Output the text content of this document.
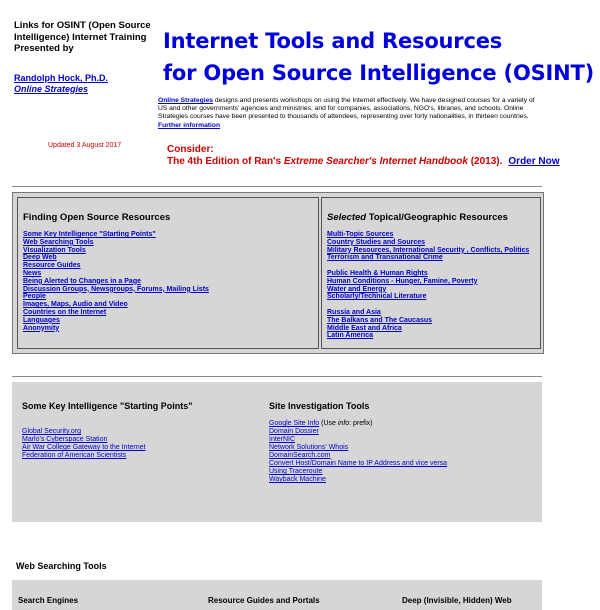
Links for OSINT (Open Source Intelligence) Internet Training Presented by
Randolph Hock, Ph.D.
Online Strategies
Updated 3 August 2017
Internet Tools and Resources
for Open Source Intelligence (OSINT)
Online Strategies designs and presents workshops on using the Internet effectively. We have designed courses for a variety of US and other governments' agencies and ministries, and for companies, associations, NGO's, libraries, and schools. Online Strategies courses have been presented to thousands of attendees, representing over forty nationalities, in thirteen countries. Further information
Consider:
The 4th Edition of Ran's Extreme Searcher's Internet Handbook (2013). Order Now
Finding Open Source Resources
Some Key Intelligence "Starting Points"
Web Searching Tools
Visualization Tools
Deep Web
Resource Guides
News
Being Alerted to Changes in a Page
Discussion Groups, Newsgroups, Forums, Mailing Lists
People
Images, Maps, Audio and Video
Countries on the Internet
Languages
Anonymity
Selected Topical/Geographic Resources
Multi-Topic Sources
Country Studies and Sources
Military Resources, International Security , Conflicts, Politics
Terrorism and Transnational Crime
Public Health & Human Rights
Human Conditions - Hunger, Famine, Poverty
Water and Energy
Scholarly/Technical Literature
Russia and Asia
The Balkans and The Caucasus
Middle East and Africa
Latin America
Some Key Intelligence "Starting Points"
Global Security.org
Marlo's Cyberspace Station
Air War College Gateway to the Internet
Federation of American Scientists
Site Investigation Tools
Google Site Info (Use info: prefix)
Domain Dossier
InterNIC
Network Solutions' Whois
DomainSearch.com
Convert Host/Domain Name to IP Address and vice versa
Using Traceroute
Wayback Machine
Web Searching Tools
Search Engines	Resource Guides and Portals	Deep (Invisible, Hidden) Web
